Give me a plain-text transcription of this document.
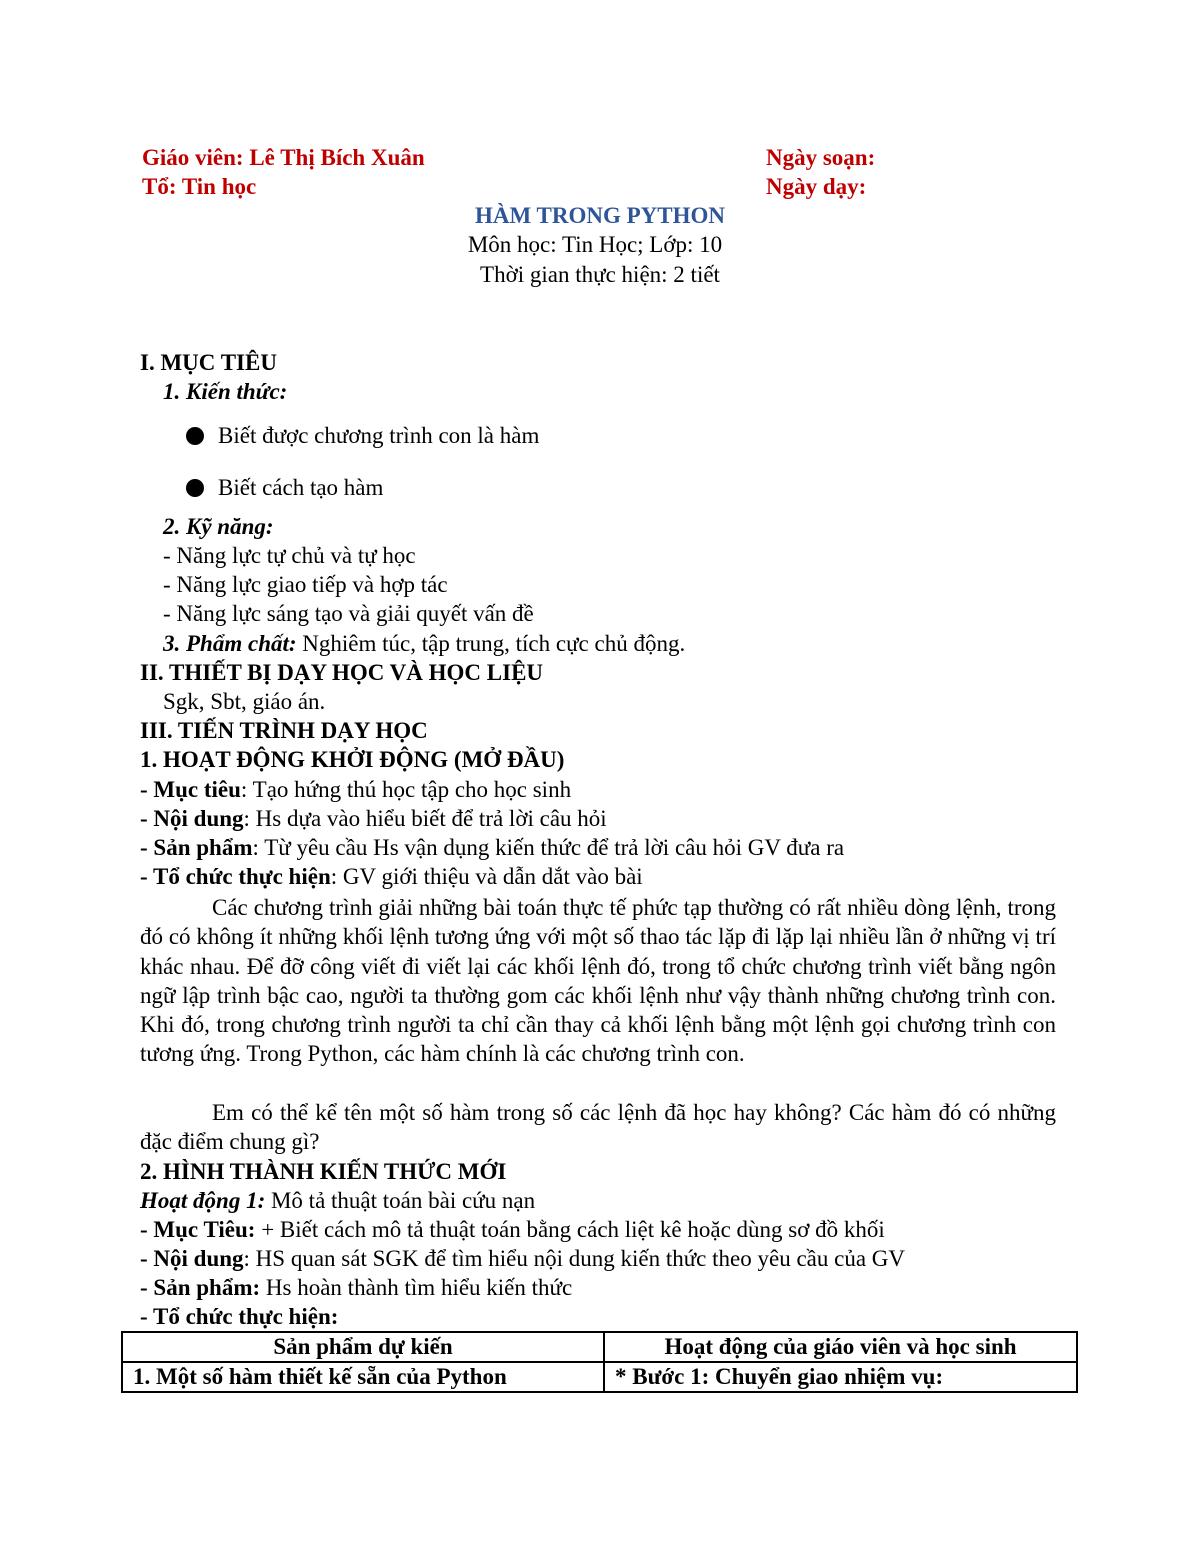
Giáo viên: Lê Thị Bích Xuân	Ngày soạn:
Tổ: Tin học	Ngày dạy:
HÀM TRONG PYTHON
Môn học: Tin Học; Lớp: 10
Thời gian thực hiện: 2 tiết
I. MỤC TIÊU
1. Kiến thức:
Biết được chương trình con là hàm
Biết cách tạo hàm
2. Kỹ năng:
- Năng lực tự chủ và tự học
- Năng lực giao tiếp và hợp tác
- Năng lực sáng tạo và giải quyết vấn đề
3. Phẩm chất: Nghiêm túc, tập trung, tích cực chủ động.
II. THIẾT BỊ DẠY HỌC VÀ HỌC LIỆU
Sgk, Sbt, giáo án.
III. TIẾN TRÌNH DẠY HỌC
1. HOẠT ĐỘNG KHỞI ĐỘNG (MỞ ĐẦU)
- Mục tiêu: Tạo hứng thú học tập cho học sinh
- Nội dung: Hs dựa vào hiểu biết để trả lời câu hỏi
- Sản phẩm: Từ yêu cầu Hs vận dụng kiến thức để trả lời câu hỏi GV đưa ra
- Tổ chức thực hiện: GV giới thiệu và dẫn dắt vào bài

Các chương trình giải những bài toán thực tế phức tạp thường có rất nhiều dòng lệnh, trong đó có không ít những khối lệnh tương ứng với một số thao tác lặp đi lặp lại nhiều lần ở những vị trí khác nhau. Để đỡ công viết đi viết lại các khối lệnh đó, trong tổ chức chương trình viết bằng ngôn ngữ lập trình bậc cao, người ta thường gom các khối lệnh như vậy thành những chương trình con. Khi đó, trong chương trình người ta chỉ cần thay cả khối lệnh bằng một lệnh gọi chương trình con tương ứng. Trong Python, các hàm chính là các chương trình con.

Em có thể kể tên một số hàm trong số các lệnh đã học hay không? Các hàm đó có những đặc điểm chung gì?

2. HÌNH THÀNH KIẾN THỨC MỚI
Hoạt động 1: Mô tả thuật toán bài cứu nạn
- Mục Tiêu: + Biết cách mô tả thuật toán bằng cách liệt kê hoặc dùng sơ đồ khối
- Nội dung: HS quan sát SGK để tìm hiểu nội dung kiến thức theo yêu cầu của GV
- Sản phẩm: Hs hoàn thành tìm hiểu kiến thức
- Tổ chức thực hiện:
Sản phẩm dự kiến	Hoạt động của giáo viên và học sinh
1. Một số hàm thiết kế sẵn của Python	* Bước 1: Chuyển giao nhiệm vụ:
